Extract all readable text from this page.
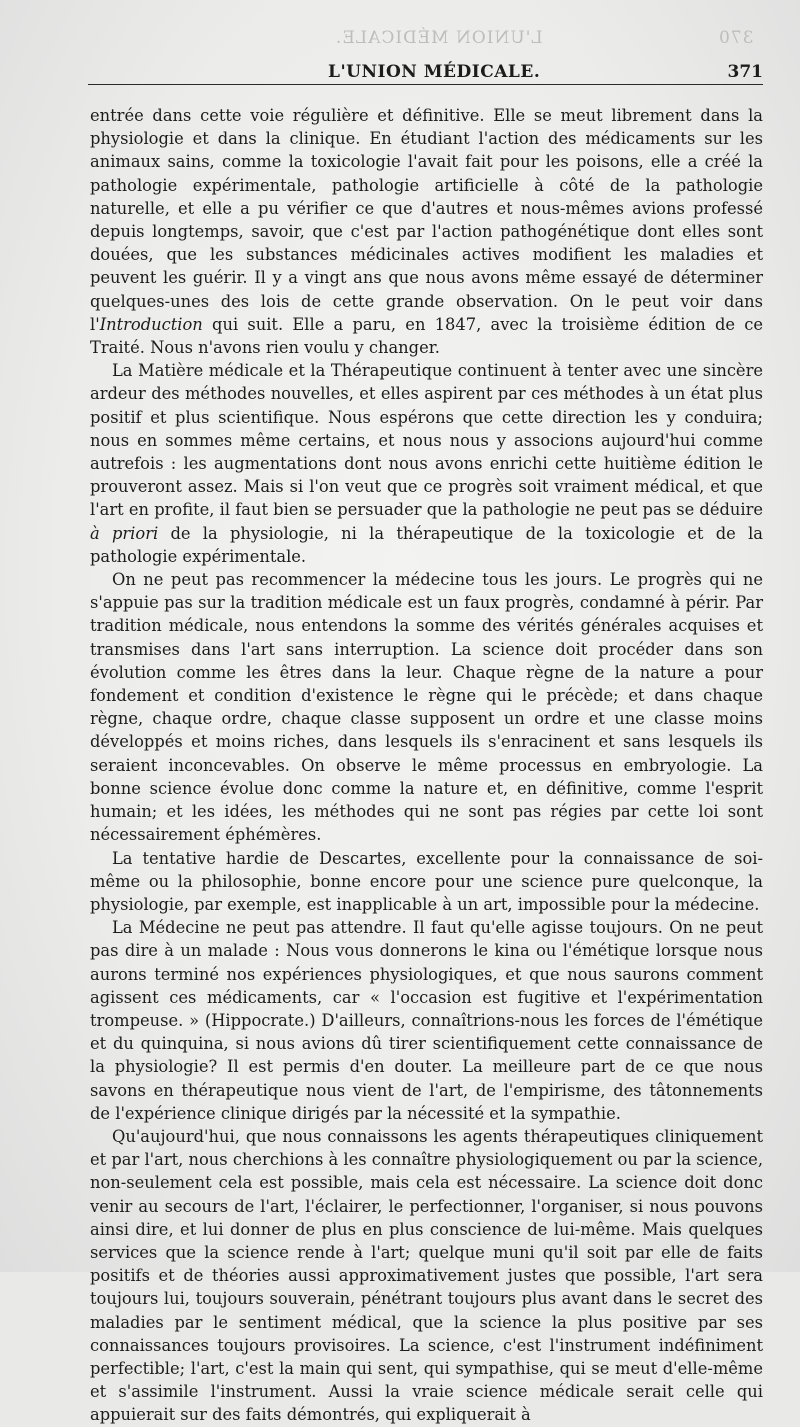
L'UNION MÉDICALE.	370
L'UNION MÉDICALE.	371

entrée dans cette voie régulière et définitive. Elle se meut librement dans la physiologie et dans la clinique. En étudiant l'action des médicaments sur les animaux sains, comme la toxicologie l'avait fait pour les poisons, elle a créé la pathologie expérimentale, pathologie artificielle à côté de la pathologie naturelle, et elle a pu vérifier ce que d'autres et nous-mêmes avions professé depuis longtemps, savoir, que c'est par l'action pathogénétique dont elles sont douées, que les substances médicinales actives modifient les maladies et peuvent les guérir. Il y a vingt ans que nous avons même essayé de déterminer quelques-unes des lois de cette grande observation. On le peut voir dans l'Introduction qui suit. Elle a paru, en 1847, avec la troisième édition de ce Traité. Nous n'avons rien voulu y changer.

La Matière médicale et la Thérapeutique continuent à tenter avec une sincère ardeur des méthodes nouvelles, et elles aspirent par ces méthodes à un état plus positif et plus scientifique. Nous espérons que cette direction les y conduira; nous en sommes même certains, et nous nous y associons aujourd'hui comme autrefois : les augmentations dont nous avons enrichi cette huitième édition le prouveront assez. Mais si l'on veut que ce progrès soit vraiment médical, et que l'art en profite, il faut bien se persuader que la pathologie ne peut pas se déduire à priori de la physiologie, ni la thérapeutique de la toxicologie et de la pathologie expérimentale.

On ne peut pas recommencer la médecine tous les jours. Le progrès qui ne s'appuie pas sur la tradition médicale est un faux progrès, condamné à périr. Par tradition médicale, nous entendons la somme des vérités générales acquises et transmises dans l'art sans interruption. La science doit procéder dans son évolution comme les êtres dans la leur. Chaque règne de la nature a pour fondement et condition d'existence le règne qui le précède; et dans chaque règne, chaque ordre, chaque classe supposent un ordre et une classe moins développés et moins riches, dans lesquels ils s'enracinent et sans lesquels ils seraient inconcevables. On observe le même processus en embryologie. La bonne science évolue donc comme la nature et, en définitive, comme l'esprit humain; et les idées, les méthodes qui ne sont pas régies par cette loi sont nécessairement éphémères.

La tentative hardie de Descartes, excellente pour la connaissance de soi-même ou la philosophie, bonne encore pour une science pure quelconque, la physiologie, par exemple, est inapplicable à un art, impossible pour la médecine.

La Médecine ne peut pas attendre. Il faut qu'elle agisse toujours. On ne peut pas dire à un malade : Nous vous donnerons le kina ou l'émétique lorsque nous aurons terminé nos expériences physiologiques, et que nous saurons comment agissent ces médicaments, car « l'occasion est fugitive et l'expérimentation trompeuse. » (Hippocrate.) D'ailleurs, connaîtrions-nous les forces de l'émétique et du quinquina, si nous avions dû tirer scientifiquement cette connaissance de la physiologie? Il est permis d'en douter. La meilleure part de ce que nous savons en thérapeutique nous vient de l'art, de l'empirisme, des tâtonnements de l'expérience clinique dirigés par la nécessité et la sympathie.

Qu'aujourd'hui, que nous connaissons les agents thérapeutiques cliniquement et par l'art, nous cherchions à les connaître physiologiquement ou par la science, non-seulement cela est possible, mais cela est nécessaire. La science doit donc venir au secours de l'art, l'éclairer, le perfectionner, l'organiser, si nous pouvons ainsi dire, et lui donner de plus en plus conscience de lui-même. Mais quelques services que la science rende à l'art; quelque muni qu'il soit par elle de faits positifs et de théories aussi approximativement justes que possible, l'art sera toujours lui, toujours souverain, pénétrant toujours plus avant dans le secret des maladies par le sentiment médical, que la science la plus positive par ses connaissances toujours provisoires. La science, c'est l'instrument indéfiniment perfectible; l'art, c'est la main qui sent, qui sympathise, qui se meut d'elle-même et s'assimile l'instrument. Aussi la vraie science médicale serait celle qui appuierait sur des faits démontrés, qui expliquerait à
